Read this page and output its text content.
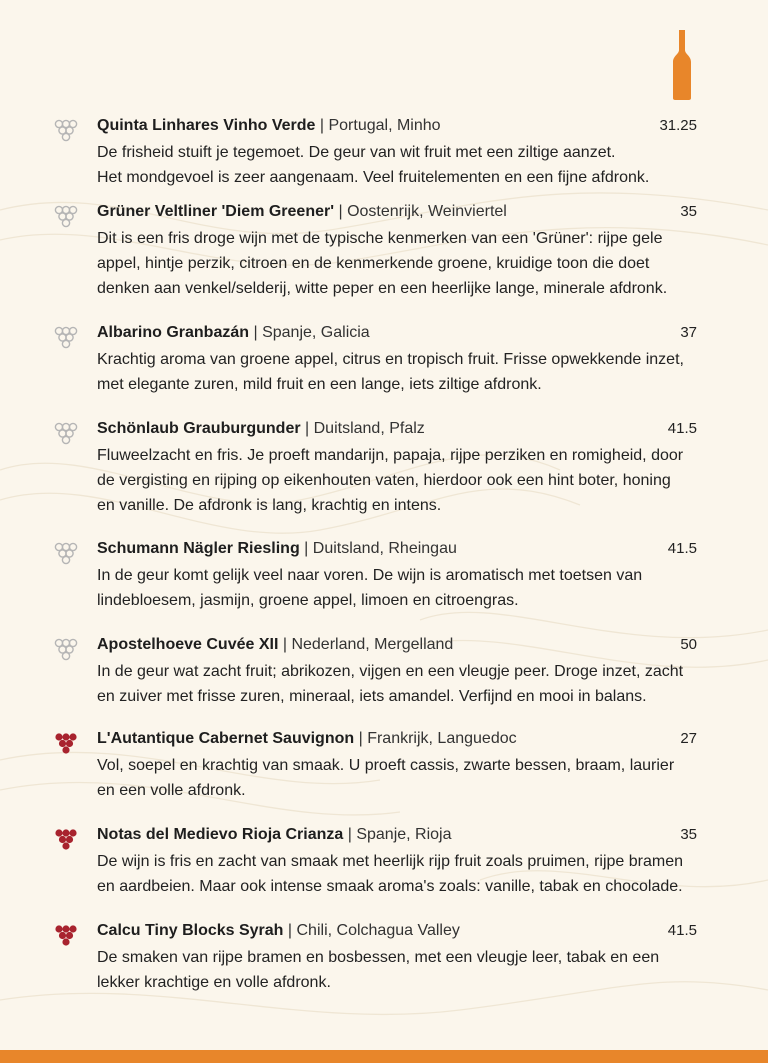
Quinta Linhares Vinho Verde | Portugal, Minho	31.25
De frisheid stuift je tegemoet. De geur van wit fruit met een ziltige aanzet.
Het mondgevoel is zeer aangenaam. Veel fruitelementen en een fijne afdronk.
Grüner Veltliner 'Diem Greener' | Oostenrijk, Weinviertel	35
Dit is een fris droge wijn met de typische kenmerken van een 'Grüner': rijpe gele
appel, hintje perzik, citroen en de kenmerkende groene, kruidige toon die doet
denken aan venkel/selderij, witte peper en een heerlijke lange, minerale afdronk.
Albarino Granbazán | Spanje, Galicia	37
Krachtig aroma van groene appel, citrus en tropisch fruit. Frisse opwekkende inzet,
met elegante zuren, mild fruit en een lange, iets ziltige afdronk.
Schönlaub Grauburgunder | Duitsland, Pfalz	41.5
Fluweelzacht en fris. Je proeft mandarijn, papaja, rijpe perziken en romigheid, door
de vergisting en rijping op eikenhouten vaten, hierdoor ook een hint boter, honing
en vanille. De afdronk is lang, krachtig en intens.
Schumann Nägler Riesling | Duitsland, Rheingau	41.5
In de geur komt gelijk veel naar voren. De wijn is aromatisch met toetsen van
lindebloesem, jasmijn, groene appel, limoen en citroengras.
Apostelhoeve Cuvée XII | Nederland, Mergelland	50
In de geur wat zacht fruit; abrikozen, vijgen en een vleugje peer. Droge inzet, zacht
en zuiver met frisse zuren, mineraal, iets amandel. Verfijnd en mooi in balans.
L'Autantique Cabernet Sauvignon | Frankrijk, Languedoc	27
Vol, soepel en krachtig van smaak. U proeft cassis, zwarte bessen, braam, laurier
en een volle afdronk.
Notas del Medievo Rioja Crianza | Spanje, Rioja	35
De wijn is fris en zacht van smaak met heerlijk rijp fruit zoals pruimen, rijpe bramen
en aardbeien. Maar ook intense smaak aroma's zoals: vanille, tabak en chocolade.
Calcu Tiny Blocks Syrah | Chili, Colchagua Valley	41.5
De smaken van rijpe bramen en bosbessen, met een vleugje leer, tabak en een
lekker krachtige en volle afdronk.
